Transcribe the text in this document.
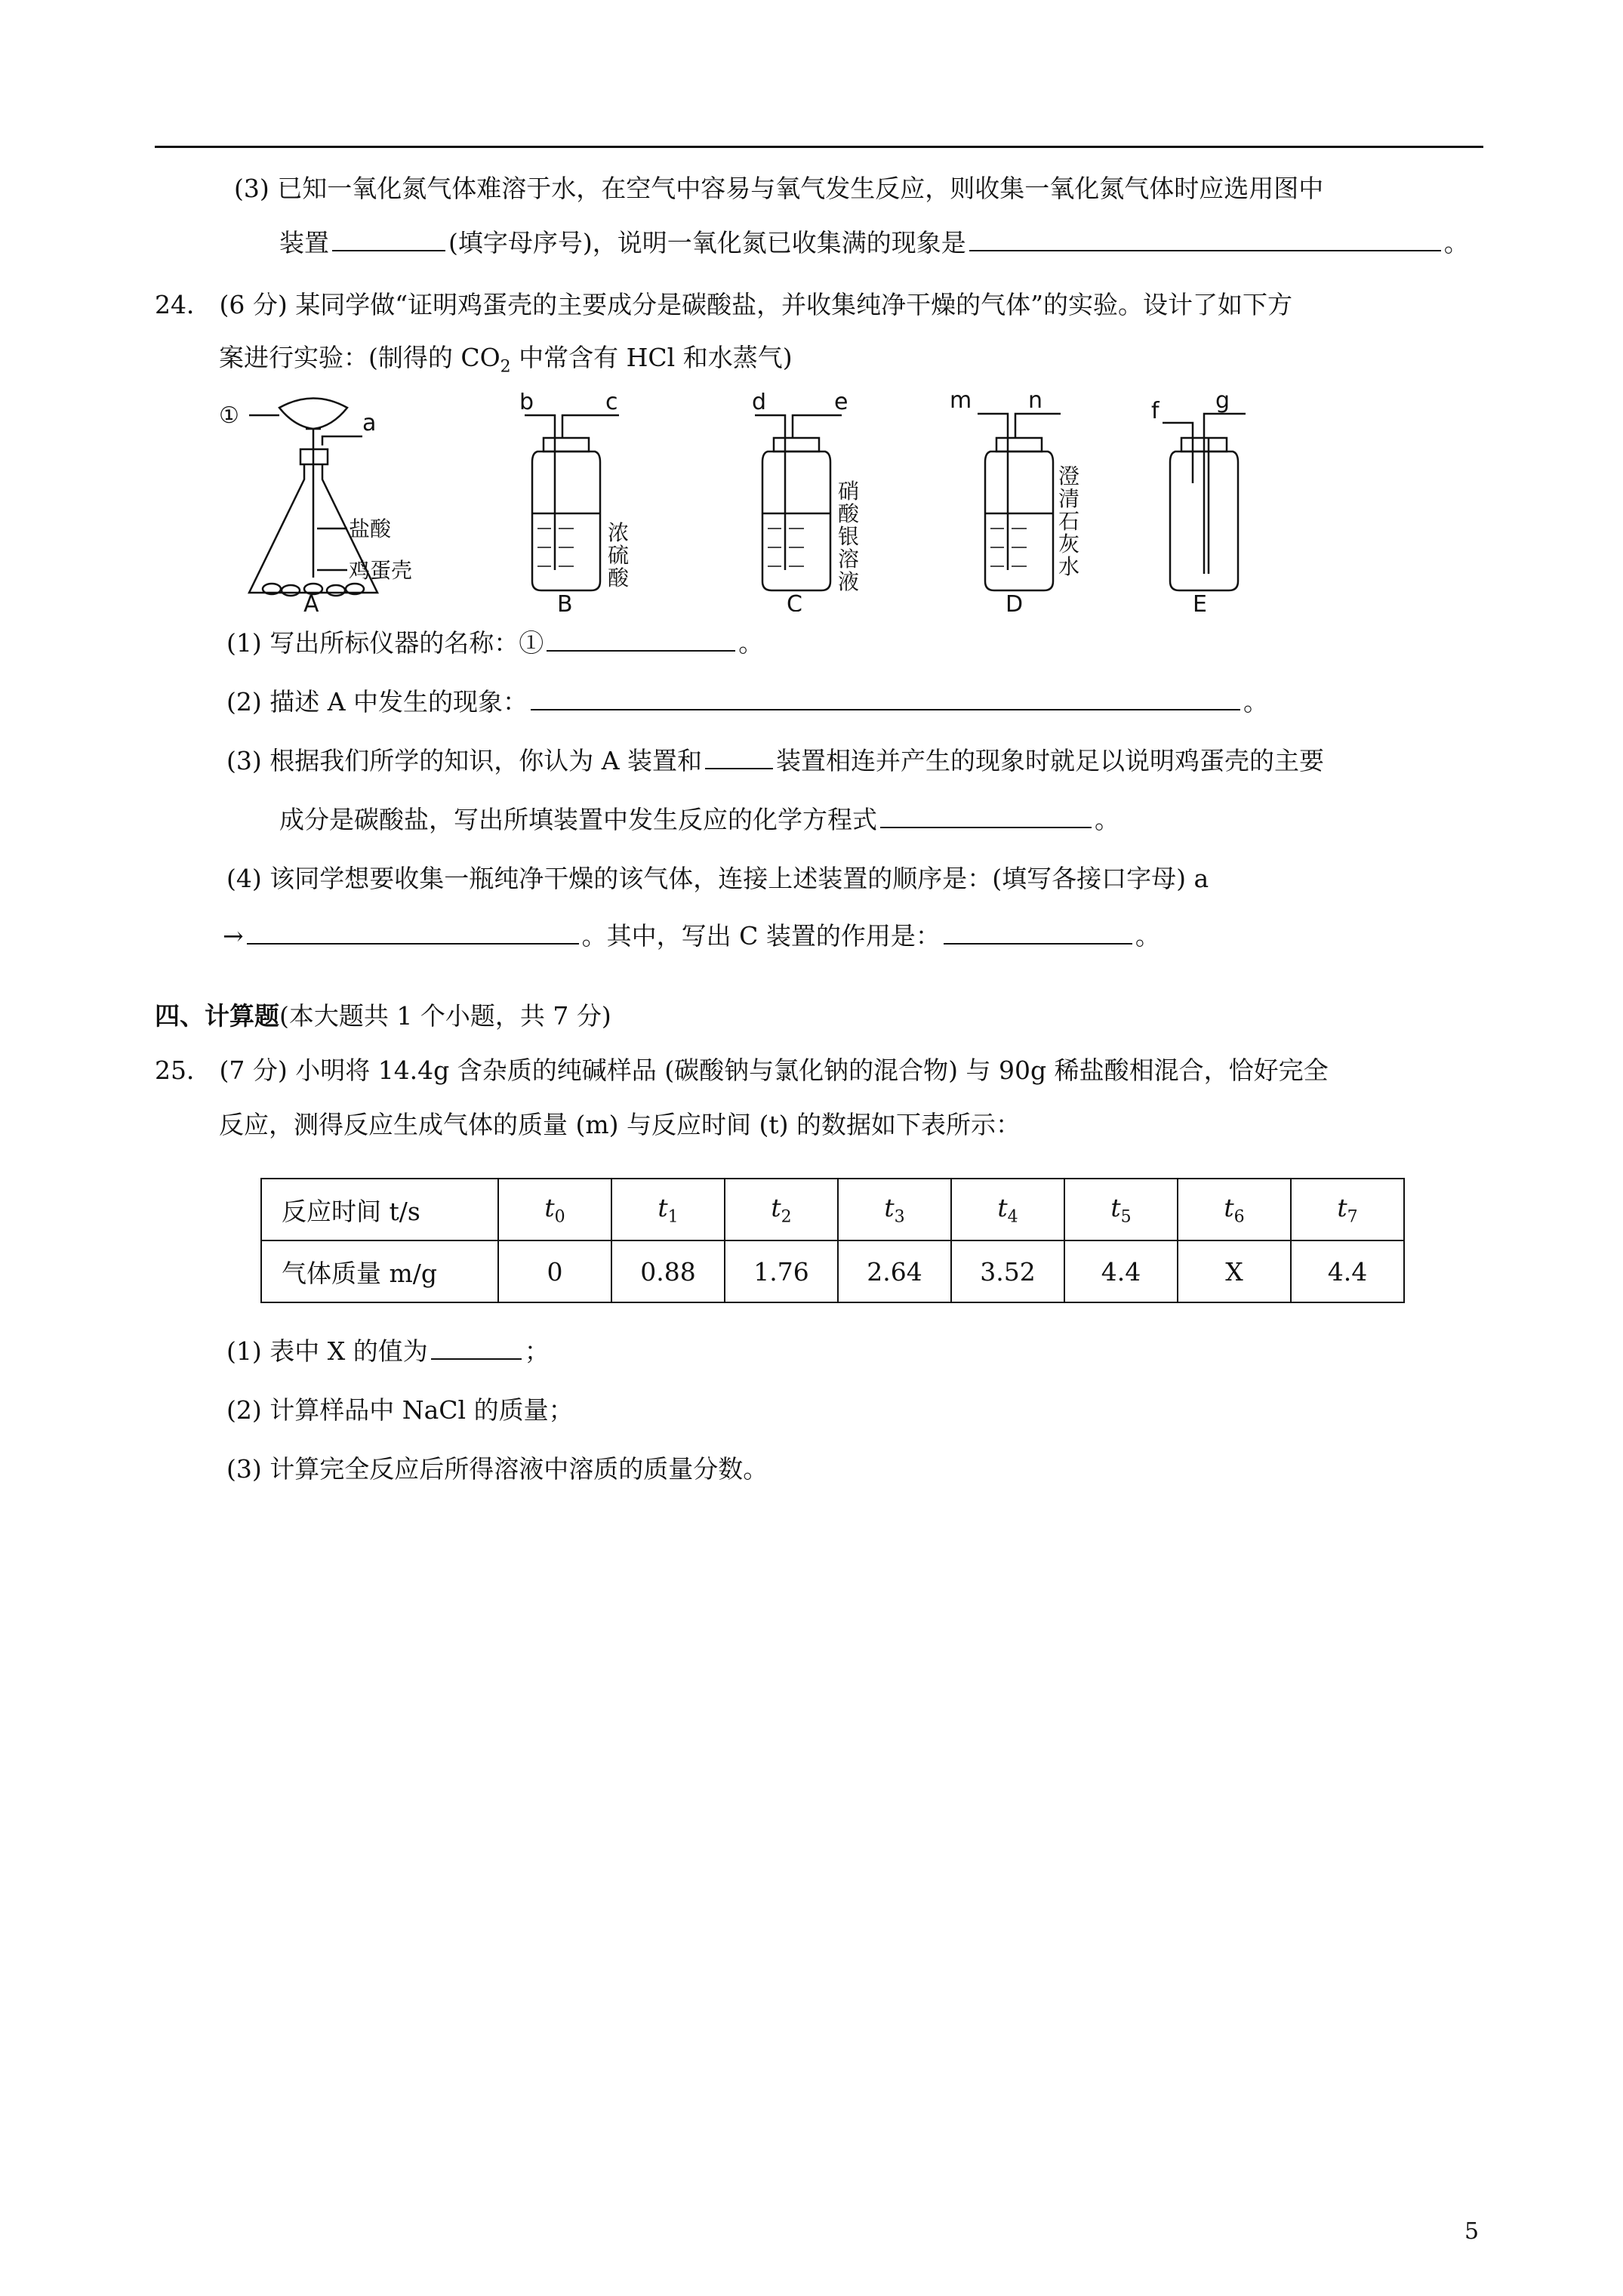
(3) 已知一氧化氮气体难溶于水，在空气中容易与氧气发生反应，则收集一氧化氮气体时应选用图中
装置	(填字母序号)，说明一氧化氮已收集满的现象是	。
24． (6 分) 某同学做“证明鸡蛋壳的主要成分是碳酸盐，并收集纯净干燥的气体”的实验。设计了如下方
案进行实验：(制得的 $CO_2$ 中常含有 HCl 和水蒸气)
①	a
盐酸
鸡蛋壳
A
b	c
浓
硫
酸
B
d	e
硝
酸
银
溶
液
C
m n
澄
清
石
灰
水
D
f g
E
(1) 写出所标仪器的名称：①	。
(2) 描述 A 中发生的现象：	。
(3) 根据我们所学的知识，你认为 A 装置和	装置相连并产生的现象时就足以说明鸡蛋壳的主要
成分是碳酸盐，写出所填装置中发生反应的化学方程式	。
(4) 该同学想要收集一瓶纯净干燥的该气体，连接上述装置的顺序是：(填写各接口字母) a
→	。其中，写出 C 装置的作用是：	。
四、计算题(本大题共 1 个小题，共 7 分)
25． (7 分) 小明将 14.4g 含杂质的纯碱样品 (碳酸钠与氯化钠的混合物) 与 90g 稀盐酸相混合，恰好完全
反应，测得反应生成气体的质量 (m) 与反应时间 (t) 的数据如下表所示：
反应时间 t/s	$t_0$	$t_1$	$t_2$	$t_3$	$t_4$	$t_5$	$t_6$	$t_7$
气体质量 m/g	0	0.88	1.76	2.64	3.52	4.4	X	4.4
(1) 表中 X 的值为	；
(2) 计算样品中 NaCl 的质量；
(3) 计算完全反应后所得溶液中溶质的质量分数。
5
